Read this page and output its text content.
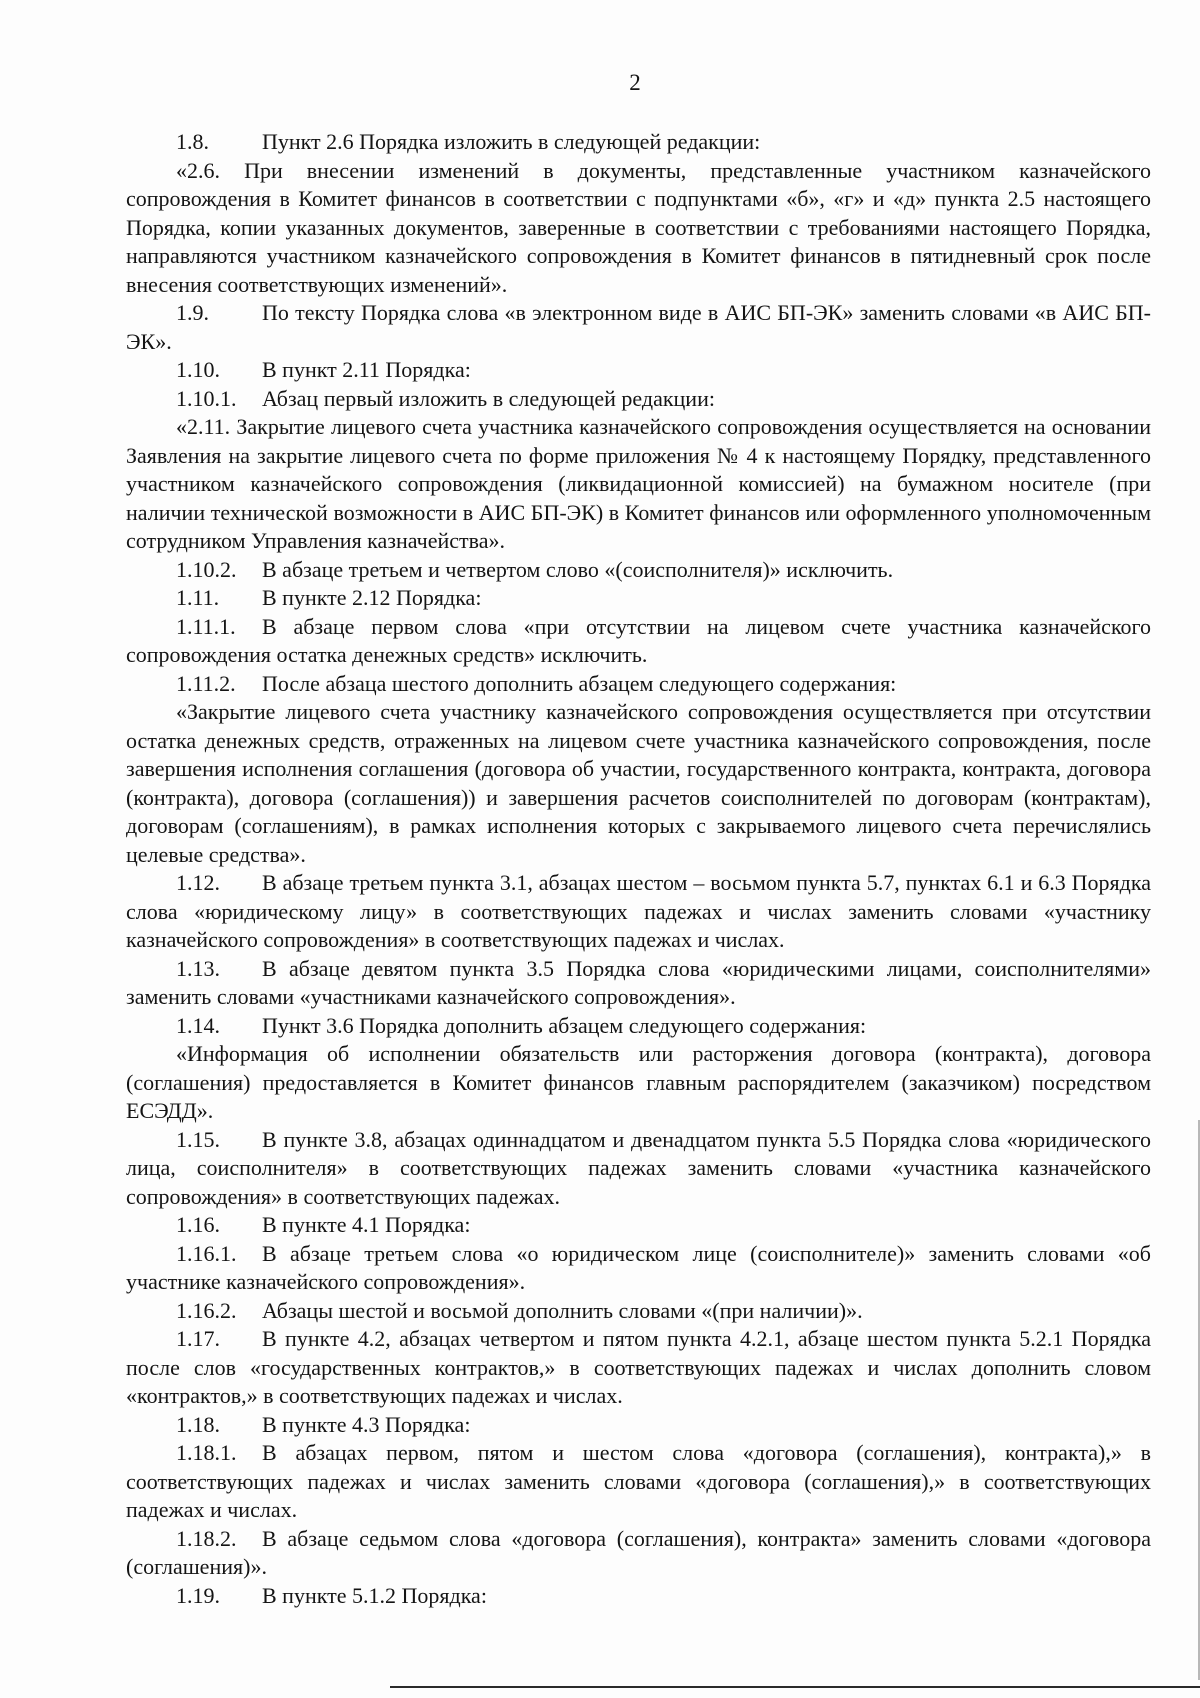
2

1.8. Пункт 2.6 Порядка изложить в следующей редакции:

«2.6. При внесении изменений в документы, представленные участником казначейского сопровождения в Комитет финансов в соответствии с подпунктами «б», «г» и «д» пункта 2.5 настоящего Порядка, копии указанных документов, заверенные в соответствии с требованиями настоящего Порядка, направляются участником казначейского сопровождения в Комитет финансов в пятидневный срок после внесения соответствующих изменений».

1.9. По тексту Порядка слова «в электронном виде в АИС БП-ЭК» заменить словами «в АИС БП-ЭК».

1.10. В пункт 2.11 Порядка:

1.10.1. Абзац первый изложить в следующей редакции:

«2.11. Закрытие лицевого счета участника казначейского сопровождения осуществляется на основании Заявления на закрытие лицевого счета по форме приложения № 4 к настоящему Порядку, представленного участником казначейского сопровождения (ликвидационной комиссией) на бумажном носителе (при наличии технической возможности в АИС БП-ЭК) в Комитет финансов или оформленного уполномоченным сотрудником Управления казначейства».

1.10.2. В абзаце третьем и четвертом слово «(соисполнителя)» исключить.

1.11. В пункте 2.12 Порядка:

1.11.1. В абзаце первом слова «при отсутствии на лицевом счете участника казначейского сопровождения остатка денежных средств» исключить.

1.11.2. После абзаца шестого дополнить абзацем следующего содержания:

«Закрытие лицевого счета участнику казначейского сопровождения осуществляется при отсутствии остатка денежных средств, отраженных на лицевом счете участника казначейского сопровождения, после завершения исполнения соглашения (договора об участии, государственного контракта, контракта, договора (контракта), договора (соглашения)) и завершения расчетов соисполнителей по договорам (контрактам), договорам (соглашениям), в рамках исполнения которых с закрываемого лицевого счета перечислялись целевые средства».

1.12. В абзаце третьем пункта 3.1, абзацах шестом – восьмом пункта 5.7, пунктах 6.1 и 6.3 Порядка слова «юридическому лицу» в соответствующих падежах и числах заменить словами «участнику казначейского сопровождения» в соответствующих падежах и числах.

1.13. В абзаце девятом пункта 3.5 Порядка слова «юридическими лицами, соисполнителями» заменить словами «участниками казначейского сопровождения».

1.14. Пункт 3.6 Порядка дополнить абзацем следующего содержания:

«Информация об исполнении обязательств или расторжения договора (контракта), договора (соглашения) предоставляется в Комитет финансов главным распорядителем (заказчиком) посредством ЕСЭДД».

1.15. В пункте 3.8, абзацах одиннадцатом и двенадцатом пункта 5.5 Порядка слова «юридического лица, соисполнителя» в соответствующих падежах заменить словами «участника казначейского сопровождения» в соответствующих падежах.

1.16. В пункте 4.1 Порядка:

1.16.1. В абзаце третьем слова «о юридическом лице (соисполнителе)» заменить словами «об участнике казначейского сопровождения».

1.16.2. Абзацы шестой и восьмой дополнить словами «(при наличии)».

1.17. В пункте 4.2, абзацах четвертом и пятом пункта 4.2.1, абзаце шестом пункта 5.2.1 Порядка после слов «государственных контрактов,» в соответствующих падежах и числах дополнить словом «контрактов,» в соответствующих падежах и числах.

1.18. В пункте 4.3 Порядка:

1.18.1. В абзацах первом, пятом и шестом слова «договора (соглашения), контракта),» в соответствующих падежах и числах заменить словами «договора (соглашения),» в соответствующих падежах и числах.

1.18.2. В абзаце седьмом слова «договора (соглашения), контракта» заменить словами «договора (соглашения)».

1.19. В пункте 5.1.2 Порядка:
